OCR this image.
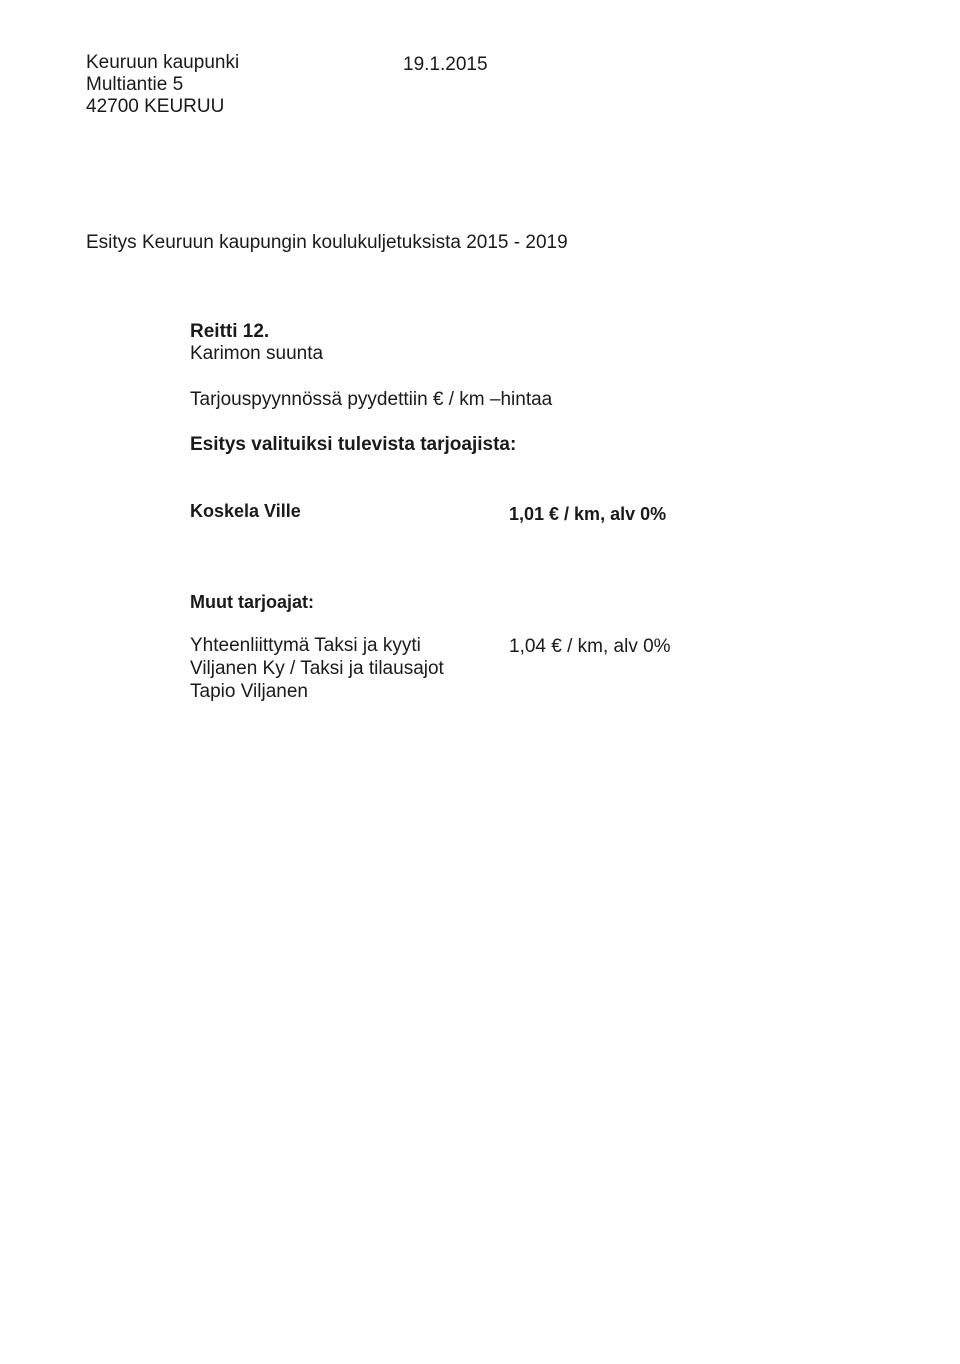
Keuruun kaupunki
Multiantie 5
42700 KEURUU

19.1.2015

Esitys Keuruun kaupungin koulukuljetuksista 2015 - 2019

Reitti 12.

Karimon suunta

Tarjouspyynnössä pyydettiin € / km –hintaa

Esitys valituiksi tulevista tarjoajista:

Koskela Ville	1,01 € / km, alv 0%

Muut tarjoajat:

Yhteenliittymä Taksi ja kyyti
Viljanen Ky / Taksi ja tilausajot
Tapio Viljanen

1,04 € / km, alv 0%
